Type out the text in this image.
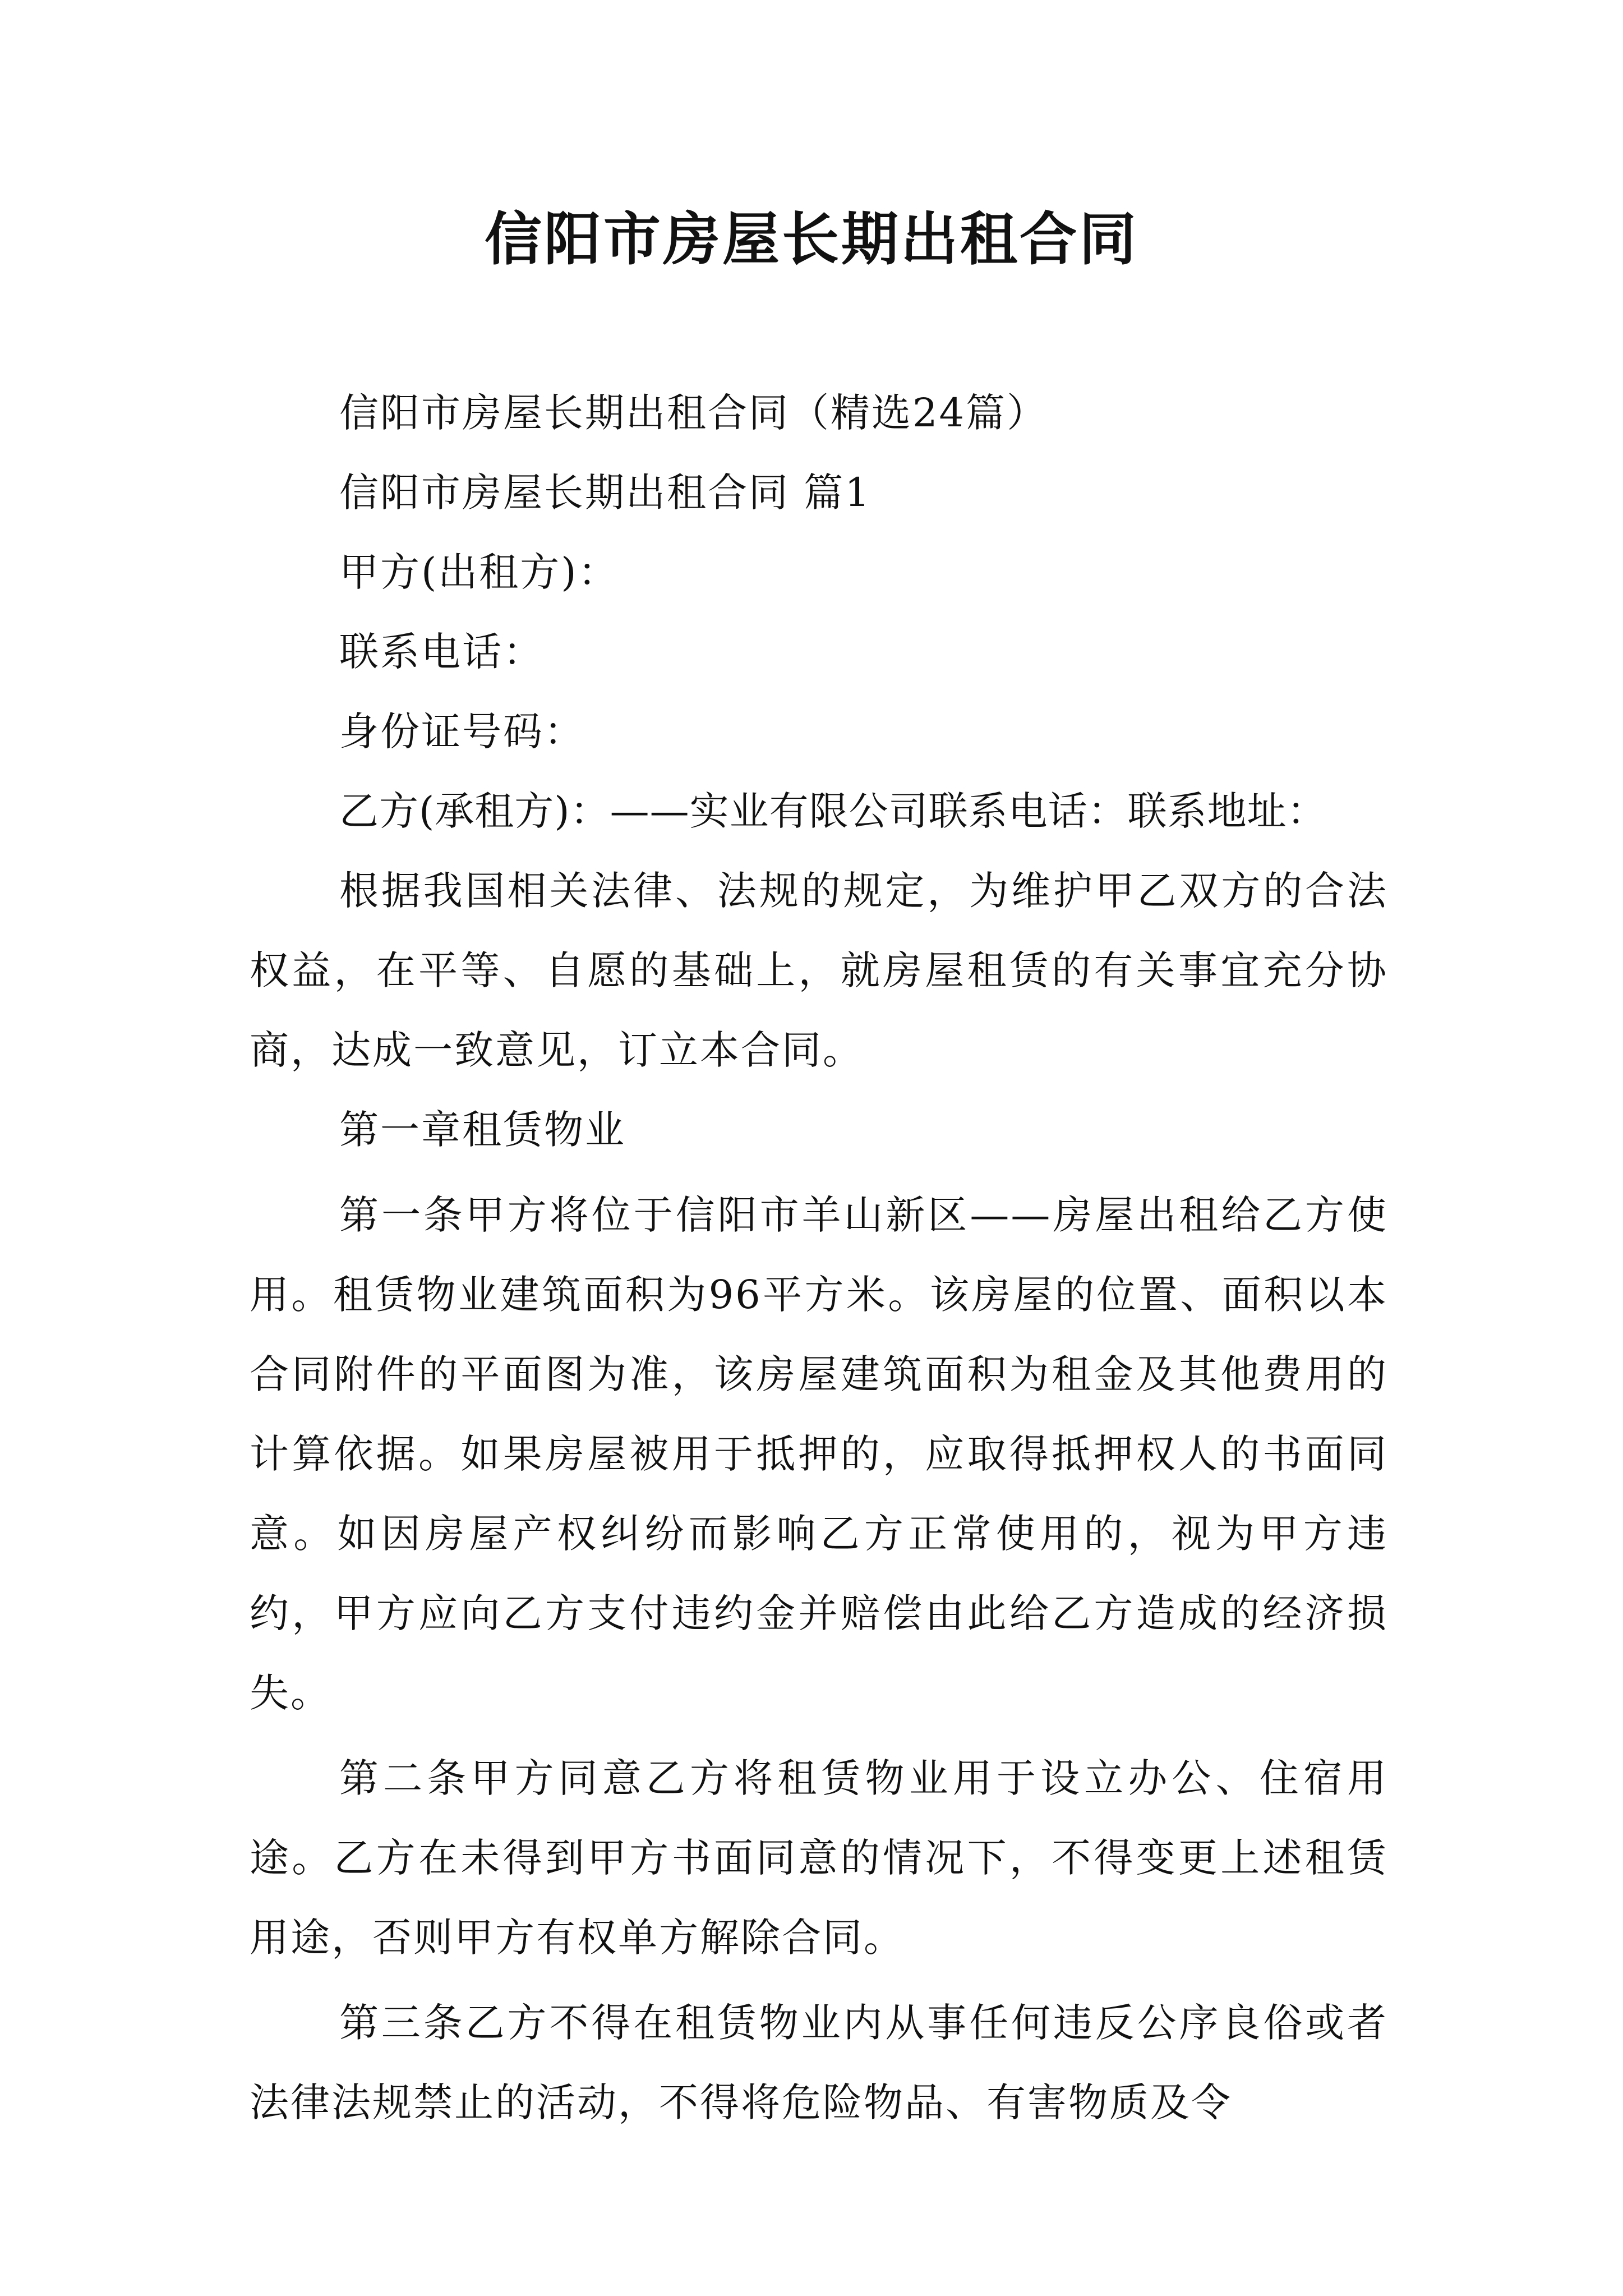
信阳市房屋长期出租合同

信阳市房屋长期出租合同（精选24篇）

信阳市房屋长期出租合同 篇1

甲方(出租方)：

联系电话：

身份证号码：

乙方(承租方)：——实业有限公司联系电话：联系地址：

根据我国相关法律、法规的规定，为维护甲乙双方的合法权益，在平等、自愿的基础上，就房屋租赁的有关事宜充分协商，达成一致意见，订立本合同。

第一章租赁物业

第一条甲方将位于信阳市羊山新区——房屋出租给乙方使用。租赁物业建筑面积为96平方米。该房屋的位置、面积以本合同附件的平面图为准，该房屋建筑面积为租金及其他费用的计算依据。如果房屋被用于抵押的，应取得抵押权人的书面同意。如因房屋产权纠纷而影响乙方正常使用的，视为甲方违约，甲方应向乙方支付违约金并赔偿由此给乙方造成的经济损失。

第二条甲方同意乙方将租赁物业用于设立办公、住宿用途。乙方在未得到甲方书面同意的情况下，不得变更上述租赁用途，否则甲方有权单方解除合同。

第三条乙方不得在租赁物业内从事任何违反公序良俗或者法律法规禁止的活动，不得将危险物品、有害物质及令
